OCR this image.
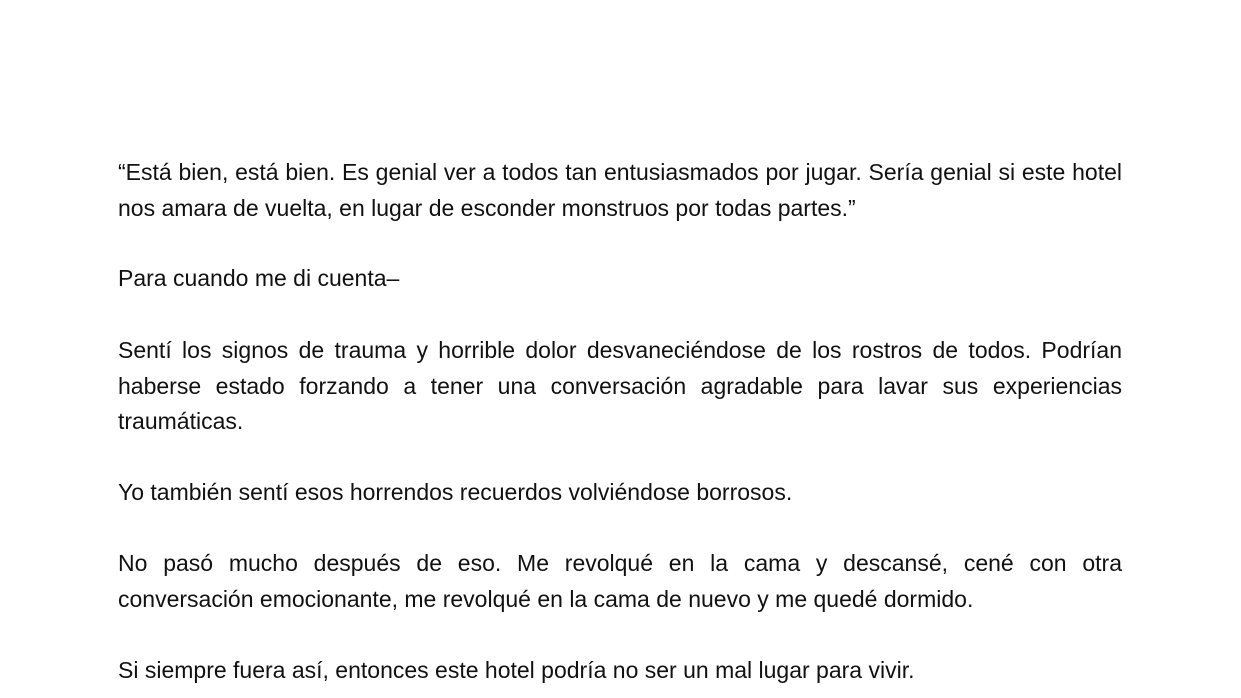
“Está bien, está bien. Es genial ver a todos tan entusiasmados por jugar. Sería genial si este hotel nos amara de vuelta, en lugar de esconder monstruos por todas partes.”

Para cuando me di cuenta–

Sentí los signos de trauma y horrible dolor desvaneciéndose de los rostros de todos. Podrían haberse estado forzando a tener una conversación agradable para lavar sus experiencias traumáticas.

Yo también sentí esos horrendos recuerdos volviéndose borrosos.

No pasó mucho después de eso. Me revolqué en la cama y descansé, cené con otra conversación emocionante, me revolqué en la cama de nuevo y me quedé dormido.

Si siempre fuera así, entonces este hotel podría no ser un mal lugar para vivir.
